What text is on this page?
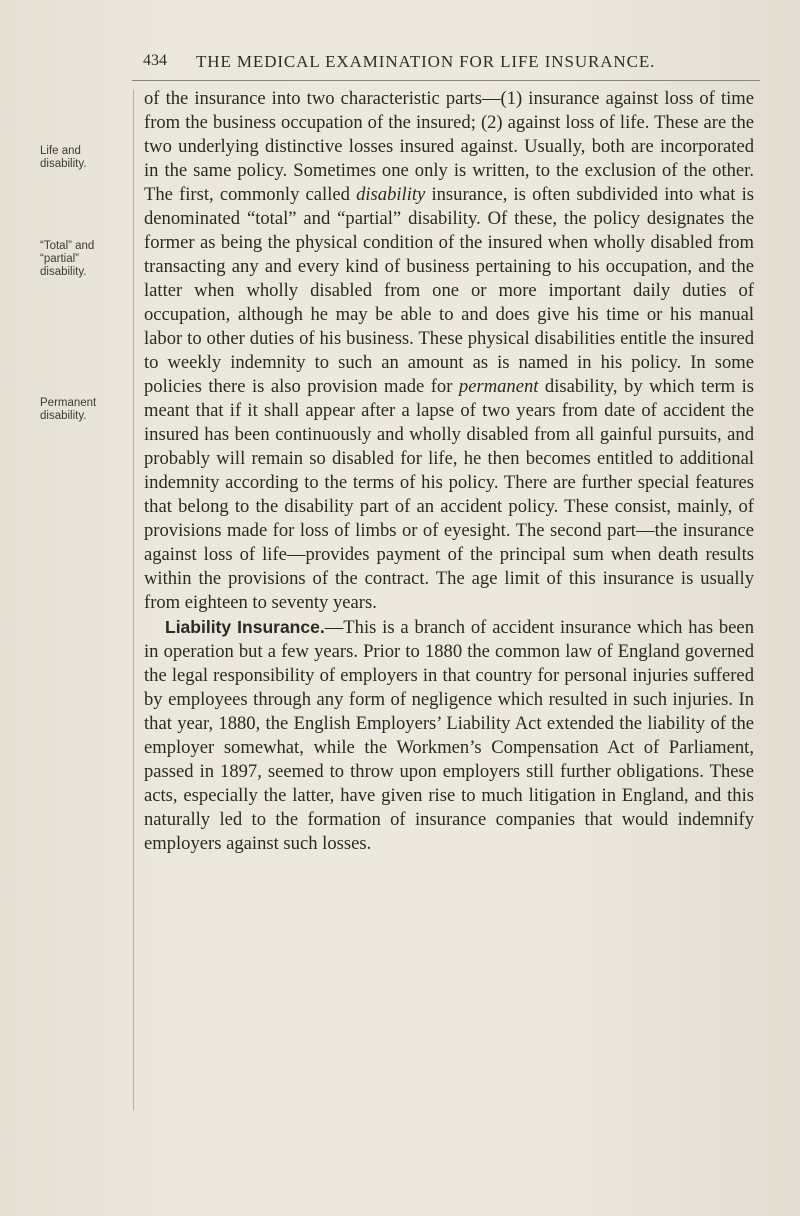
434 THE MEDICAL EXAMINATION FOR LIFE INSURANCE.
Life and disability.
“Total” and “partial” disability.
Permanent disability.

of the insurance into two characteristic parts—(1) insurance against loss of time from the business occupation of the insured; (2) against loss of life. These are the two underlying distinctive losses insured against. Usually, both are incorporated in the same policy. Sometimes one only is written, to the exclusion of the other. The first, commonly called disability insurance, is often subdivided into what is denominated “total” and “partial” disability. Of these, the policy designates the former as being the physical condition of the insured when wholly disabled from transacting any and every kind of business pertaining to his occupation, and the latter when wholly disabled from one or more important daily duties of occupation, although he may be able to and does give his time or his manual labor to other duties of his business. These physical disabilities entitle the insured to weekly indemnity to such an amount as is named in his policy. In some policies there is also provision made for permanent disability, by which term is meant that if it shall appear after a lapse of two years from date of accident the insured has been continuously and wholly disabled from all gainful pursuits, and probably will remain so disabled for life, he then becomes entitled to additional indemnity according to the terms of his policy. There are further special features that belong to the disability part of an accident policy. These consist, mainly, of provisions made for loss of limbs or of eyesight. The second part—the insurance against loss of life—provides payment of the principal sum when death results within the provisions of the contract. The age limit of this insurance is usually from eighteen to seventy years.

Liability Insurance.—This is a branch of accident insurance which has been in operation but a few years. Prior to 1880 the common law of England governed the legal responsibility of employers in that country for personal injuries suffered by employees through any form of negligence which resulted in such injuries. In that year, 1880, the English Employers’ Liability Act extended the liability of the employer somewhat, while the Workmen’s Compensation Act of Parliament, passed in 1897, seemed to throw upon employers still further obligations. These acts, especially the latter, have given rise to much litigation in England, and this naturally led to the formation of insurance companies that would indemnify employers against such losses.
